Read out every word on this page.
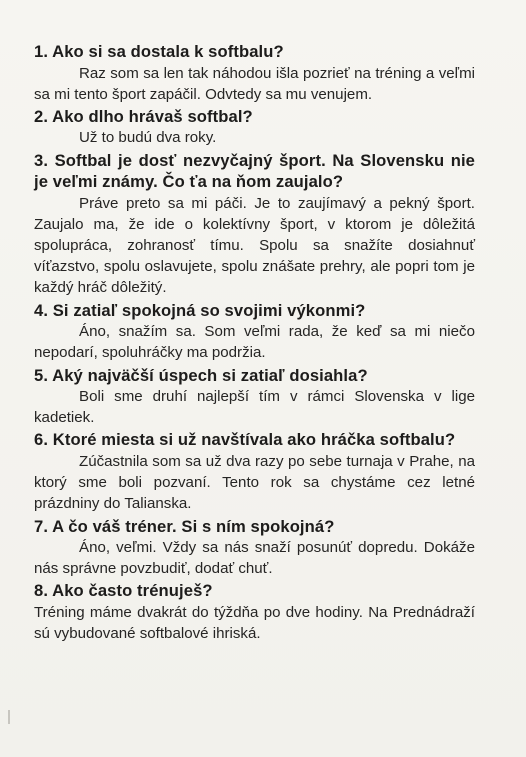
1. Ako si sa dostala k softbalu?

Raz som sa len tak náhodou išla pozrieť na tréning a veľmi sa mi tento šport zapáčil. Odvtedy sa mu venujem.

2. Ako dlho hrávaš softbal?

Už to budú dva roky.

3. Softbal je dosť nezvyčajný šport. Na Slovensku nie je veľmi známy. Čo ťa na ňom zaujalo?

Práve preto sa mi páči. Je to zaujímavý a pekný šport. Zaujalo ma, že ide o kolektívny šport, v ktorom je dôležitá spolupráca, zohranosť tímu. Spolu sa snažíte dosiahnuť víťazstvo, spolu oslavujete, spolu znášate prehry, ale popri tom je každý hráč dôležitý.

4. Si zatiaľ spokojná so svojimi výkonmi?

Áno, snažím sa. Som veľmi rada, že keď sa mi niečo nepodarí, spoluhráčky ma podržia.

5. Aký najväčší úspech si zatiaľ dosiahla?

Boli sme druhí najlepší tím v rámci Slovenska v lige kadetiek.

6. Ktoré miesta si už navštívala ako hráčka softbalu?

Zúčastnila som sa už dva razy po sebe turnaja v Prahe, na ktorý sme boli pozvaní. Tento rok sa chystáme cez letné prázdniny do Talianska.

7. A čo váš tréner. Si s ním spokojná?

Áno, veľmi. Vždy sa nás snaží posunúť dopredu. Dokáže nás správne povzbudiť, dodať chuť.

8. Ako často trénuješ?

Tréning máme dvakrát do týždňa po dve hodiny. Na Prednádraží sú vybudované softbalové ihriská.
